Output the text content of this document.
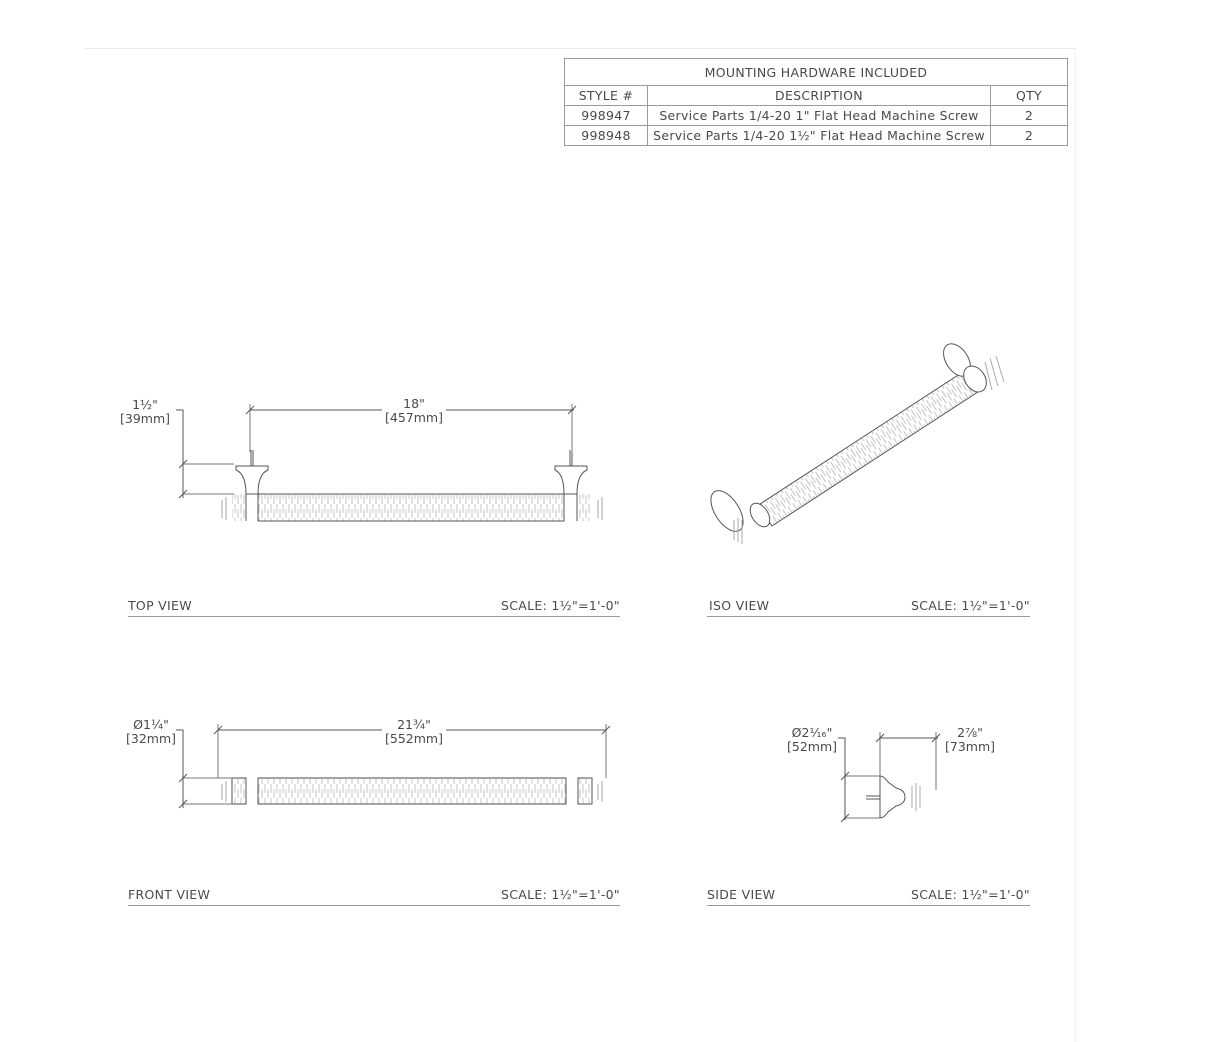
MOUNTING HARDWARE INCLUDED		
STYLE #	DESCRIPTION	QTY
998947	Service Parts 1/4-20 1" Flat Head Machine Screw	2
998948	Service Parts 1/4-20 1½" Flat Head Machine Screw	2
1½"
[39mm]
18"
[457mm]
Ø1¼"
[32mm]
21¾"
[552mm]	Ø2¹⁄₁₆"
[52mm]
2⅞"
[73mm]
TOP VIEW	SCALE: 1½"=1'-0"	ISO VIEW	SCALE: 1½"=1'-0"
FRONT VIEW	SCALE: 1½"=1'-0"	SIDE VIEW	SCALE: 1½"=1'-0"
